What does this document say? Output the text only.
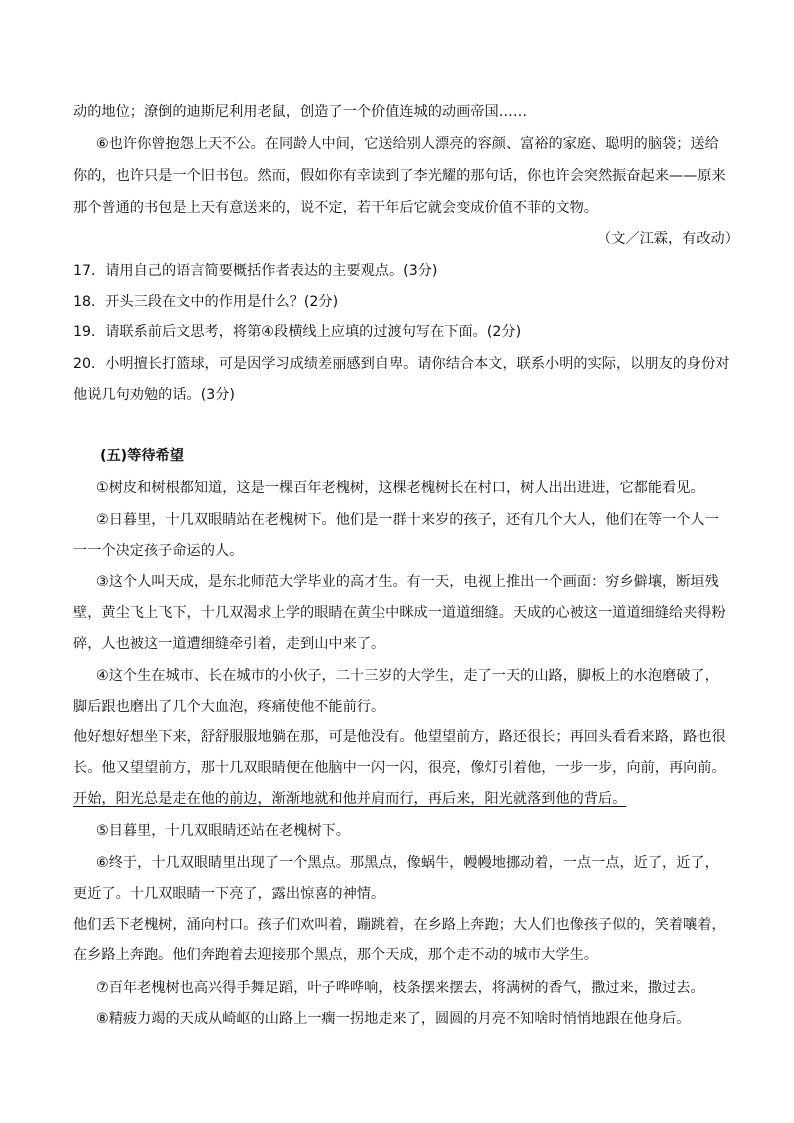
动的地位；潦倒的迪斯尼利用老鼠，创造了一个价值连城的动画帝国……
⑥也许你曾抱怨上天不公。在同龄人中间，它送给别人漂亮的容颜、富裕的家庭、聪明的脑袋；送给
你的，也许只是一个旧书包。然而，假如你有幸读到了李光耀的那句话，你也许会突然振奋起来——原来
那个普通的书包是上天有意送来的，说不定，若干年后它就会变成价值不菲的文物。
（文／江霖，有改动）
17．请用自己的语言简要概括作者表达的主要观点。(3分)
18．开头三段在文中的作用是什么？(2分)
19．请联系前后文思考，将第④段横线上应填的过渡句写在下面。(2分)
20．小明擅长打篮球，可是因学习成绩差丽感到自卑。请你结合本文，联系小明的实际，以朋友的身份对
他说几句劝勉的话。(3分)
(五)等待希望
①树皮和树根都知道，这是一棵百年老槐树，这棵老槐树长在村口，树人出出进进，它都能看见。
②日暮里，十几双眼睛站在老槐树下。他们是一群十来岁的孩子，还有几个大人，他们在等一个人一
一一个决定孩子命运的人。
③这个人叫天成，是东北师范大学毕业的高才生。有一天，电视上推出一个画面：穷乡僻壤，断垣残
壁，黄尘飞上飞下，十几双渴求上学的眼睛在黄尘中眯成一道道细缝。天成的心被这一道道细缝给夹得粉
碎，人也被这一道遭细缝牵引着，走到山中来了。
④这个生在城市、长在城市的小伙子，二十三岁的大学生，走了一天的山路，脚板上的水泡磨破了，
脚后跟也磨出了几个大血泡，疼痛使他不能前行。
他好想好想坐下来，舒舒服服地躺在那，可是他没有。他望望前方，路还很长；再回头看看来路，路也很
长。他又望望前方，那十几双眼睛便在他脑中一闪一闪，很亮，像灯引着他，一步一步，向前，再向前。
开始，阳光总是走在他的前边，渐渐地就和他并肩而行，再后来，阳光就落到他的背后。
⑤目暮里，十几双眼睛还站在老槐树下。
⑥终于，十几双眼睛里出现了一个黑点。那黑点，像蜗牛，幔幔地挪动着，一点一点，近了，近了，
更近了。十几双眼睛一下亮了，露出惊喜的神情。
他们丢下老槐树，涌向村口。孩子们欢叫着，蹦跳着，在乡路上奔跑；大人们也像孩子似的，笑着嚷着，
在乡路上奔跑。他们奔跑着去迎接那个黑点，那个天成，那个走不动的城市大学生。
⑦百年老槐树也高兴得手舞足蹈，叶子哗哗响，枝条摆来摆去，将满树的香气，撒过来，撒过去。
⑧精疲力竭的天成从崎岖的山路上一瘸一拐地走来了，圆圆的月亮不知啥时悄悄地跟在他身后。
